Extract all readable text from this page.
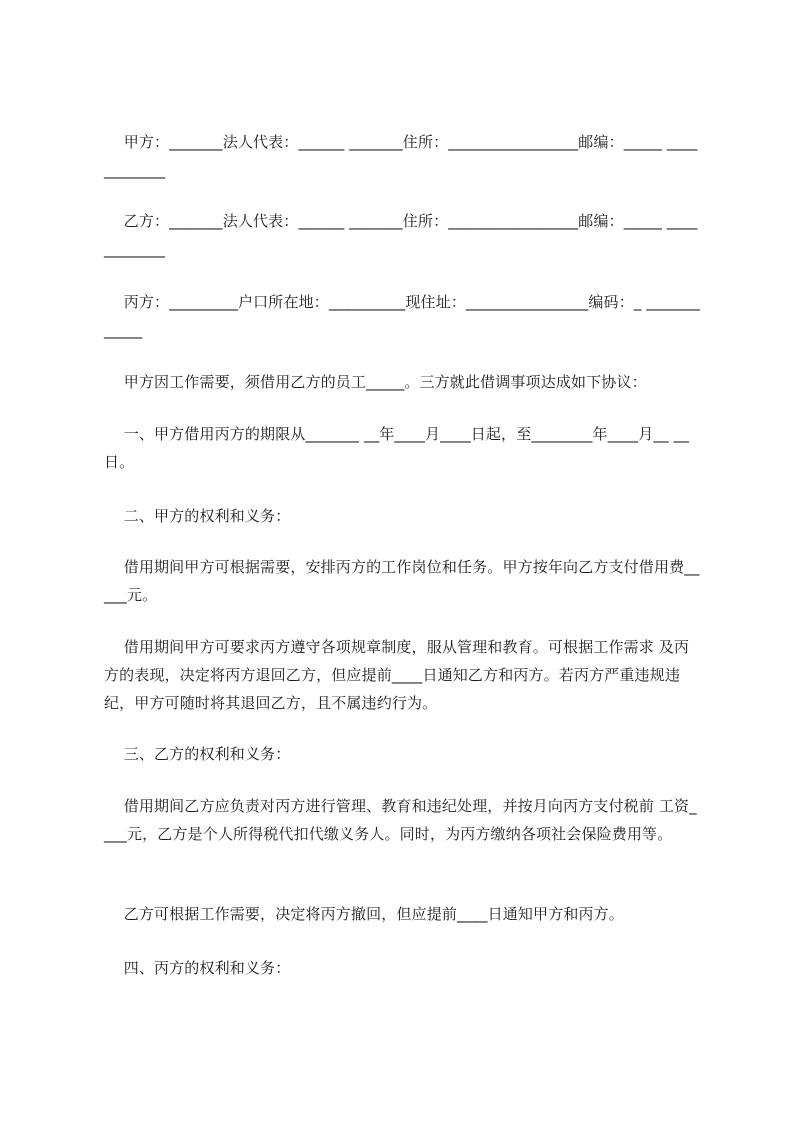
甲方：_______法人代表：______ _______住所：_________________邮编：_____ ____________

乙方：_______法人代表：______ _______住所：_________________邮编：_____ ____________

丙方：_________户口所在地：__________现住址：________________编码：_ ____________

甲方因工作需要，须借用乙方的员工_____。三方就此借调事项达成如下协议：

一、甲方借用丙方的期限从_______ __年____月____日起，至________年____月__ __日。

二、甲方的权利和义务：

借用期间甲方可根据需要，安排丙方的工作岗位和任务。甲方按年向乙方支付借用费_____元。

借用期间甲方可要求丙方遵守各项规章制度，服从管理和教育。可根据工作需求 及丙方的表现，决定将丙方退回乙方，但应提前____日通知乙方和丙方。若丙方严重违规违纪，甲方可随时将其退回乙方，且不属违约行为。

三、乙方的权利和义务：

借用期间乙方应负责对丙方进行管理、教育和违纪处理，并按月向丙方支付税前 工资____元，乙方是个人所得税代扣代缴义务人。同时，为丙方缴纳各项社会保险费用等。

乙方可根据工作需要，决定将丙方撤回，但应提前____日通知甲方和丙方。

四、丙方的权利和义务：
